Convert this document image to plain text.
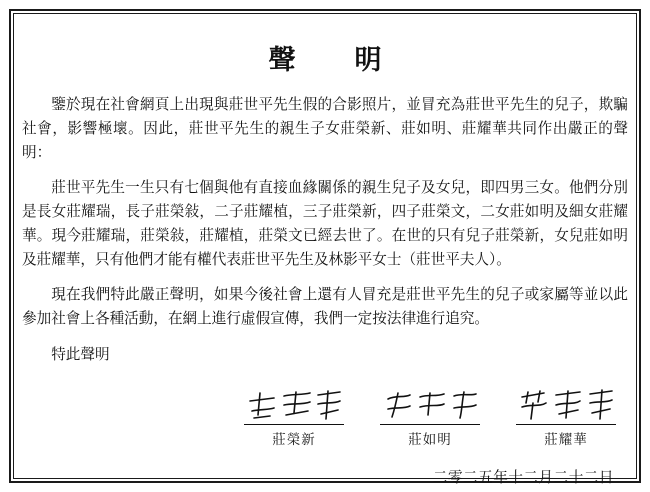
聲　明

鑒於現在社會網頁上出現與莊世平先生假的合影照片，並冒充為莊世平先生的兒子，欺騙社會，影響極壞。因此，莊世平先生的親生子女莊榮新、莊如明、莊耀華共同作出嚴正的聲明：

莊世平先生一生只有七個與他有直接血緣關係的親生兒子及女兒，即四男三女。他們分別是長女莊耀瑞，長子莊榮敍，二子莊耀植，三子莊榮新，四子莊榮文，二女莊如明及細女莊耀華。現今莊耀瑞，莊榮敍，莊耀植，莊榮文已經去世了。在世的只有兒子莊榮新，女兒莊如明及莊耀華，只有他們才能有權代表莊世平先生及林影平女士（莊世平夫人）。

現在我們特此嚴正聲明，如果今後社會上還有人冒充是莊世平先生的兒子或家屬等並以此參加社會上各種活動，在網上進行虛假宣傳，我們一定按法律進行追究。

特此聲明
莊榮新	莊如明	莊耀華
二零二五年十二月二十二日
